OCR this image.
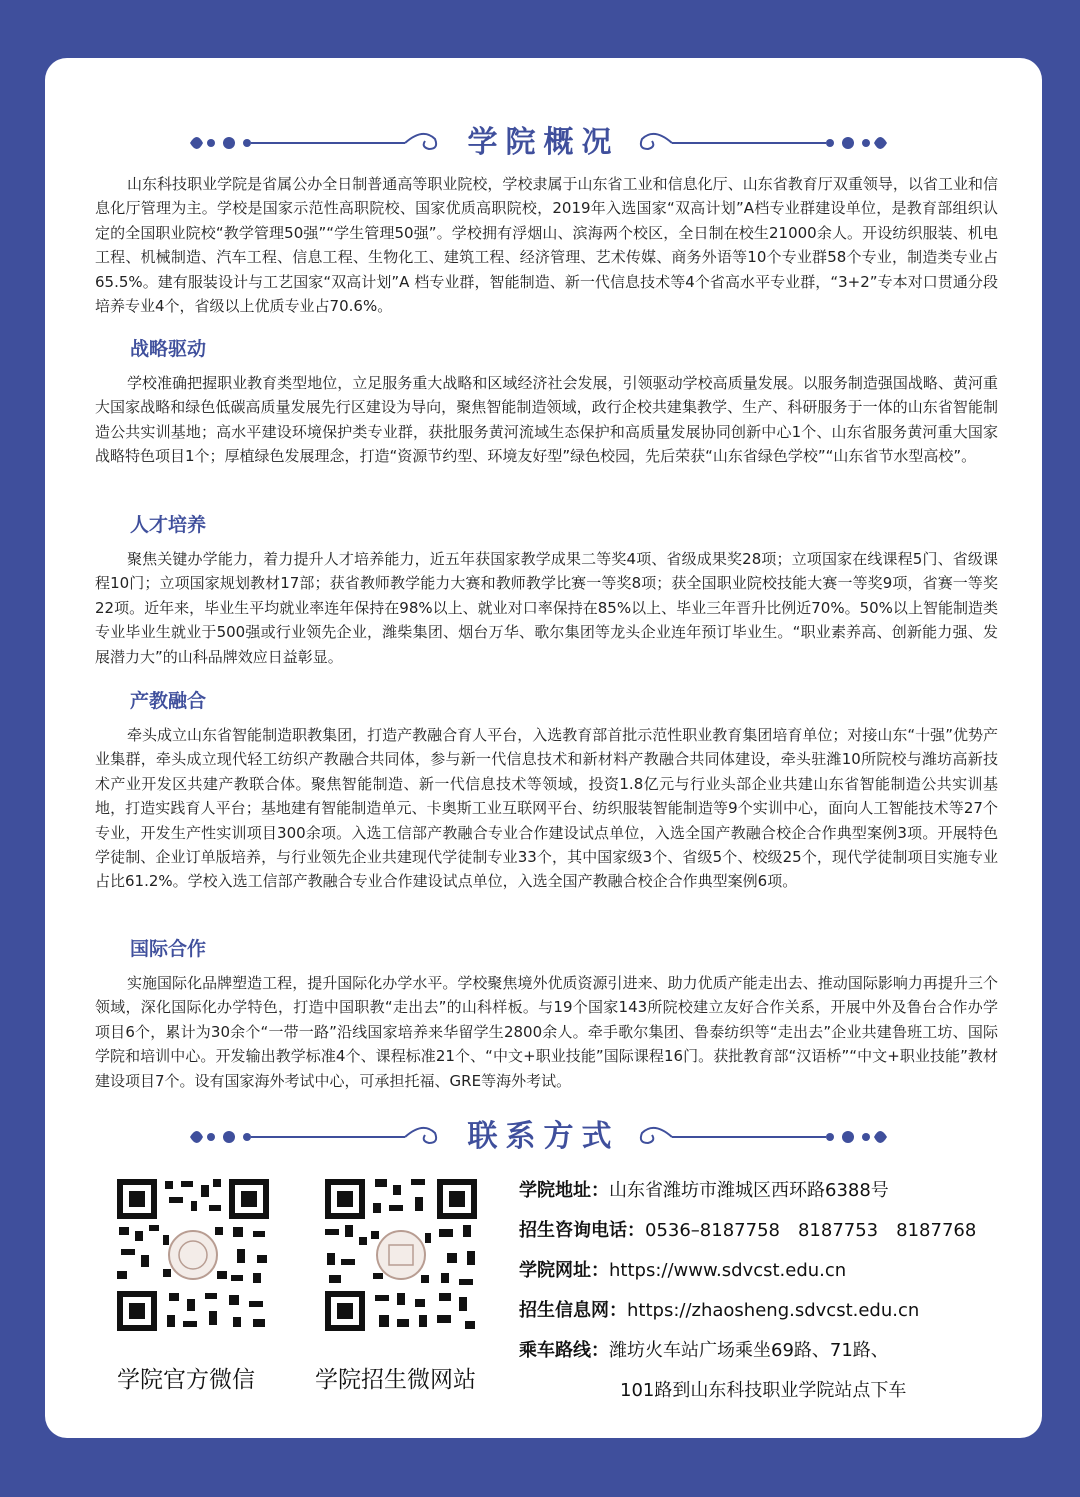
学院概况

山东科技职业学院是省属公办全日制普通高等职业院校，学校隶属于山东省工业和信息化厅、山东省教育厅双重领导，以省工业和信息化厅管理为主。学校是国家示范性高职院校、国家优质高职院校，2019年入选国家“双高计划”A档专业群建设单位，是教育部组织认定的全国职业院校“教学管理50强”“学生管理50强”。学校拥有浮烟山、滨海两个校区，全日制在校生21000余人。开设纺织服装、机电工程、机械制造、汽车工程、信息工程、生物化工、建筑工程、经济管理、艺术传媒、商务外语等10个专业群58个专业，制造类专业占65.5%。建有服装设计与工艺国家“双高计划”A 档专业群，智能制造、新一代信息技术等4个省高水平专业群，“3+2”专本对口贯通分段培养专业4个，省级以上优质专业占70.6%。

战略驱动

学校准确把握职业教育类型地位，立足服务重大战略和区域经济社会发展，引领驱动学校高质量发展。以服务制造强国战略、黄河重大国家战略和绿色低碳高质量发展先行区建设为导向，聚焦智能制造领域，政行企校共建集教学、生产、科研服务于一体的山东省智能制造公共实训基地；高水平建设环境保护类专业群，获批服务黄河流域生态保护和高质量发展协同创新中心1个、山东省服务黄河重大国家战略特色项目1个；厚植绿色发展理念，打造“资源节约型、环境友好型”绿色校园，先后荣获“山东省绿色学校”“山东省节水型高校”。

人才培养

聚焦关键办学能力，着力提升人才培养能力，近五年获国家教学成果二等奖4项、省级成果奖28项；立项国家在线课程5门、省级课程10门；立项国家规划教材17部；获省教师教学能力大赛和教师教学比赛一等奖8项；获全国职业院校技能大赛一等奖9项，省赛一等奖22项。近年来，毕业生平均就业率连年保持在98%以上、就业对口率保持在85%以上、毕业三年晋升比例近70%。50%以上智能制造类专业毕业生就业于500强或行业领先企业，潍柴集团、烟台万华、歌尔集团等龙头企业连年预订毕业生。“职业素养高、创新能力强、发展潜力大”的山科品牌效应日益彰显。

产教融合

牵头成立山东省智能制造职教集团，打造产教融合育人平台，入选教育部首批示范性职业教育集团培育单位；对接山东“十强”优势产业集群，牵头成立现代轻工纺织产教融合共同体，参与新一代信息技术和新材料产教融合共同体建设，牵头驻潍10所院校与潍坊高新技术产业开发区共建产教联合体。聚焦智能制造、新一代信息技术等领域，投资1.8亿元与行业头部企业共建山东省智能制造公共实训基地，打造实践育人平台；基地建有智能制造单元、卡奥斯工业互联网平台、纺织服装智能制造等9个实训中心，面向人工智能技术等27个专业，开发生产性实训项目300余项。入选工信部产教融合专业合作建设试点单位，入选全国产教融合校企合作典型案例3项。开展特色学徒制、企业订单版培养，与行业领先企业共建现代学徒制专业33个，其中国家级3个、省级5个、校级25个，现代学徒制项目实施专业占比61.2%。学校入选工信部产教融合专业合作建设试点单位，入选全国产教融合校企合作典型案例6项。

国际合作

实施国际化品牌塑造工程，提升国际化办学水平。学校聚焦境外优质资源引进来、助力优质产能走出去、推动国际影响力再提升三个领域，深化国际化办学特色，打造中国职教“走出去”的山科样板。与19个国家143所院校建立友好合作关系，开展中外及鲁台合作办学项目6个，累计为30余个“一带一路”沿线国家培养来华留学生2800余人。牵手歌尔集团、鲁泰纺织等“走出去”企业共建鲁班工坊、国际学院和培训中心。开发输出教学标准4个、课程标准21个、“中文+职业技能”国际课程16门。获批教育部“汉语桥”“中文+职业技能”教材建设项目7个。设有国家海外考试中心，可承担托福、GRE等海外考试。

联系方式
学院官方微信	学院招生微网站
学院地址：山东省潍坊市潍城区西环路6388号
招生咨询电话：0536–8187758　8187753　8187768
学院网址：https://www.sdvcst.edu.cn
招生信息网：https://zhaosheng.sdvcst.edu.cn
乘车路线：潍坊火车站广场乘坐69路、71路、
101路到山东科技职业学院站点下车
